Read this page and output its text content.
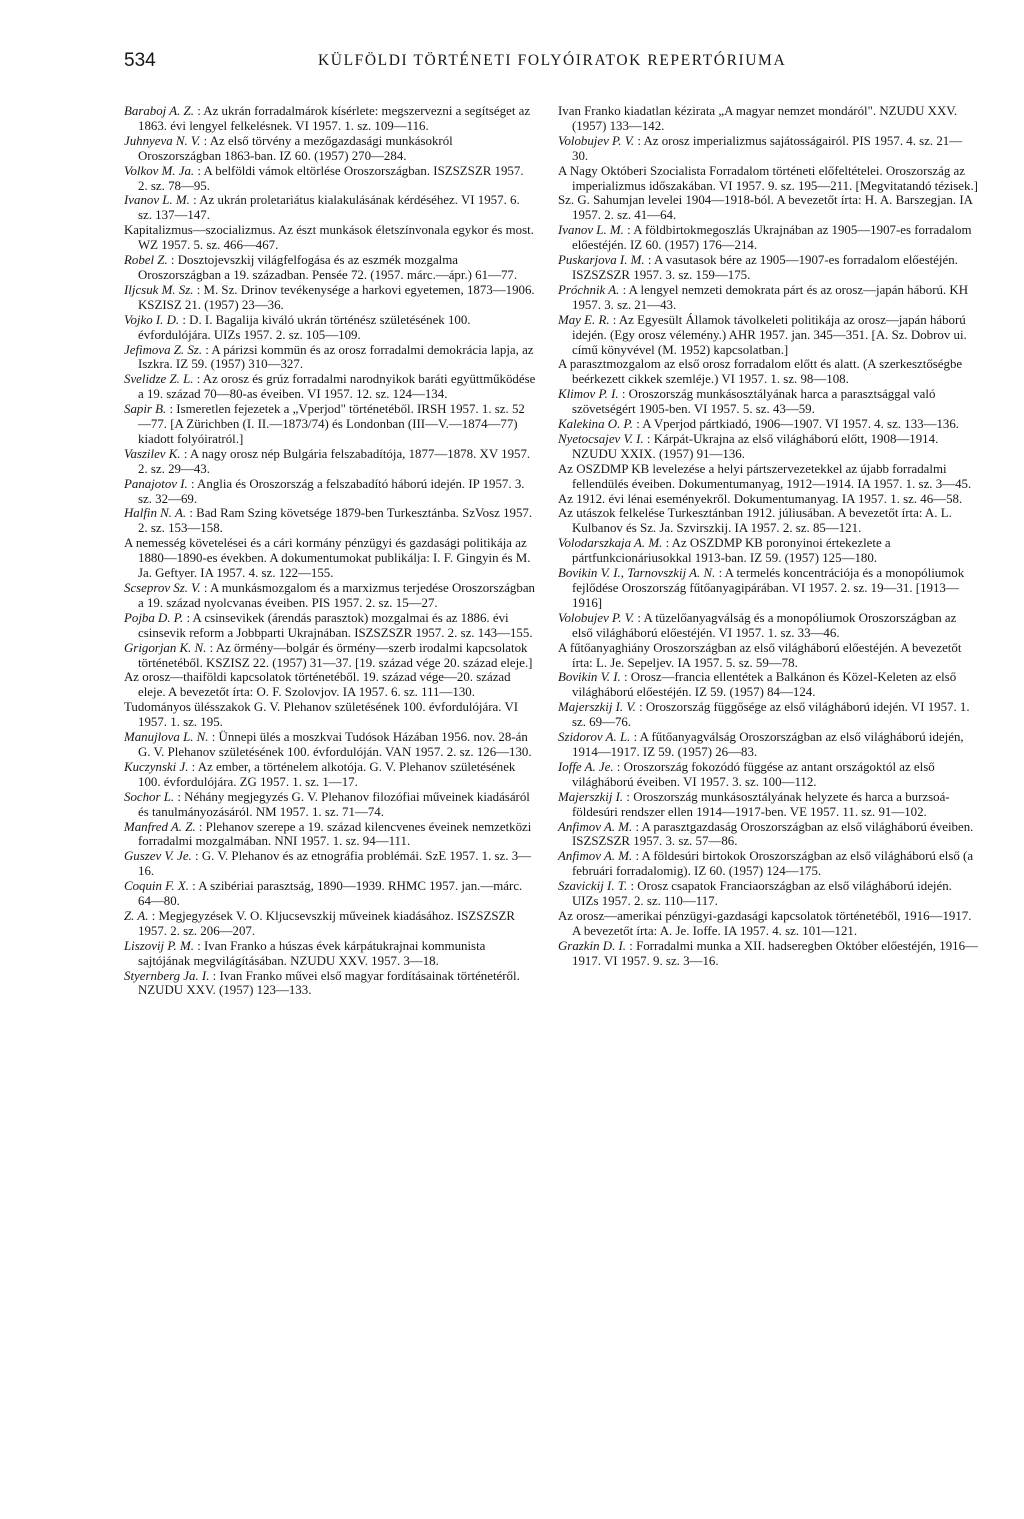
534	KÜLFÖLDI TÖRTÉNETI FOLYÓIRATOK REPERTÓRIUMA

Baraboj A. Z. : Az ukrán forradalmárok kísérlete: megszervezni a segítséget az 1863. évi lengyel felkelésnek. VI 1957. 1. sz. 109—116.

Juhnyeva N. V. : Az első törvény a mezőgazdasági munkásokról Oroszországban 1863-ban. IZ 60. (1957) 270—284.

Volkov M. Ja. : A belföldi vámok eltörlése Oroszországban. ISZSZSZR 1957. 2. sz. 78—95.

Ivanov L. M. : Az ukrán proletariátus kialakulásának kérdéséhez. VI 1957. 6. sz. 137—147.

Kapitalizmus—szocializmus. Az észt munkások életszínvonala egykor és most. WZ 1957. 5. sz. 466—467.

Robel Z. : Dosztojevszkij világfelfogása és az eszmék mozgalma Oroszországban a 19. században. Pensée 72. (1957. márc.—ápr.) 61—77.

Iljcsuk M. Sz. : M. Sz. Drinov tevékenysége a harkovi egyetemen, 1873—1906. KSZISZ 21. (1957) 23—36.

Vojko I. D. : D. I. Bagalija kiváló ukrán történész születésének 100. évfordulójára. UIZs 1957. 2. sz. 105—109.

Jefimova Z. Sz. : A párizsi kommün és az orosz forradalmi demokrácia lapja, az Iszkra. IZ 59. (1957) 310—327.

Svelidze Z. L. : Az orosz és grúz forradalmi narodnyikok baráti együttműködése a 19. század 70—80-as éveiben. VI 1957. 12. sz. 124—134.

Sapir B. : Ismeretlen fejezetek a „Vperjod" történetéből. IRSH 1957. 1. sz. 52—77. [A Zürichben (I. II.—1873/74) és Londonban (III—V.—1874—77) kiadott folyóiratról.]

Vaszilev K. : A nagy orosz nép Bulgária felszabadítója, 1877—1878. XV 1957. 2. sz. 29—43.

Panajotov I. : Anglia és Oroszország a felszabadító háború idején. IP 1957. 3. sz. 32—69.

Halfin N. A. : Bad Ram Szing követsége 1879-ben Turkesztánba. SzVosz 1957. 2. sz. 153—158.

A nemesség követelései és a cári kormány pénzügyi és gazdasági politikája az 1880—1890-es években. A dokumentumokat publikálja: I. F. Gingyin és M. Ja. Geftyer. IA 1957. 4. sz. 122—155.

Scseprov Sz. V. : A munkásmozgalom és a marxizmus terjedése Oroszországban a 19. század nyolcvanas éveiben. PIS 1957. 2. sz. 15—27.

Pojba D. P. : A csinsevikek (árendás parasztok) mozgalmai és az 1886. évi csinsevik reform a Jobbparti Ukrajnában. ISZSZSZR 1957. 2. sz. 143—155.

Grigorjan K. N. : Az örmény—bolgár és örmény—szerb irodalmi kapcsolatok történetéből. KSZISZ 22. (1957) 31—37. [19. század vége 20. század eleje.]

Az orosz—thaiföldi kapcsolatok történetéből. 19. század vége—20. század eleje. A bevezetőt írta: O. F. Szolovjov. IA 1957. 6. sz. 111—130.

Tudományos ülésszakok G. V. Plehanov születésének 100. évfordulójára. VI 1957. 1. sz. 195.

Manujlova L. N. : Ünnepi ülés a moszkvai Tudósok Házában 1956. nov. 28-án G. V. Plehanov születésének 100. évfordulóján. VAN 1957. 2. sz. 126—130.

Kuczynski J. : Az ember, a történelem alkotója. G. V. Plehanov születésének 100. évfordulójára. ZG 1957. 1. sz. 1—17.

Sochor L. : Néhány megjegyzés G. V. Plehanov filozófiai műveinek kiadásáról és tanulmányozásáról. NM 1957. 1. sz. 71—74.

Manfred A. Z. : Plehanov szerepe a 19. század kilencvenes éveinek nemzetközi forradalmi mozgalmában. NNI 1957. 1. sz. 94—111.

Guszev V. Je. : G. V. Plehanov és az etnográfia problémái. SzE 1957. 1. sz. 3—16.

Coquin F. X. : A szibériai parasztság, 1890—1939. RHMC 1957. jan.—márc. 64—80.

Z. A. : Megjegyzések V. O. Kljucsevszkij műveinek kiadásához. ISZSZSZR 1957. 2. sz. 206—207.

Liszovij P. M. : Ivan Franko a húszas évek kárpátukrajnai kommunista sajtójának megvilágításában. NZUDU XXV. 1957. 3—18.

Styernberg Ja. I. : Ivan Franko művei első magyar fordításainak történetéről. NZUDU XXV. (1957) 123—133.

Ivan Franko kiadatlan kézirata „A magyar nemzet mondáról". NZUDU XXV. (1957) 133—142.

Volobujev P. V. : Az orosz imperializmus sajátosságairól. PIS 1957. 4. sz. 21—30.

A Nagy Októberi Szocialista Forradalom történeti előfeltételei. Oroszország az imperializmus időszakában. VI 1957. 9. sz. 195—211. [Megvitatandó tézisek.]

Sz. G. Sahumjan levelei 1904—1918-ból. A bevezetőt írta: H. A. Barszegjan. IA 1957. 2. sz. 41—64.

Ivanov L. M. : A földbirtokmegoszlás Ukrajnában az 1905—1907-es forradalom előestéjén. IZ 60. (1957) 176—214.

Puskarjova I. M. : A vasutasok bére az 1905—1907-es forradalom előestéjén. ISZSZSZR 1957. 3. sz. 159—175.

Próchnik A. : A lengyel nemzeti demokrata párt és az orosz—japán háború. KH 1957. 3. sz. 21—43.

May E. R. : Az Egyesült Államok távolkeleti politikája az orosz—japán háború idején. (Egy orosz vélemény.) AHR 1957. jan. 345—351. [A. Sz. Dobrov ui. című könyvével (M. 1952) kapcsolatban.]

A parasztmozgalom az első orosz forradalom előtt és alatt. (A szerkesztőségbe beérkezett cikkek szemléje.) VI 1957. 1. sz. 98—108.

Klimov P. I. : Oroszország munkásosztályának harca a parasztsággal való szövetségért 1905-ben. VI 1957. 5. sz. 43—59.

Kalekina O. P. : A Vperjod pártkiadó, 1906—1907. VI 1957. 4. sz. 133—136.

Nyetocsajev V. I. : Kárpát-Ukrajna az első világháború előtt, 1908—1914. NZUDU XXIX. (1957) 91—136.

Az OSZDMP KB levelezése a helyi pártszervezetekkel az újabb forradalmi fellendülés éveiben. Dokumentumanyag, 1912—1914. IA 1957. 1. sz. 3—45.

Az 1912. évi lénai eseményekről. Dokumentumanyag. IA 1957. 1. sz. 46—58.

Az utászok felkelése Turkesztánban 1912. júliusában. A bevezetőt írta: A. L. Kulbanov és Sz. Ja. Szvirszkij. IA 1957. 2. sz. 85—121.

Volodarszkaja A. M. : Az OSZDMP KB poronyinoi értekezlete a pártfunkcionáriusokkal 1913-ban. IZ 59. (1957) 125—180.

Bovikin V. I., Tarnovszkij A. N. : A termelés koncentrációja és a monopóliumok fejlődése Oroszország fűtőanyagipárában. VI 1957. 2. sz. 19—31. [1913—1916]

Volobujev P. V. : A tüzelőanyagválság és a monopóliumok Oroszországban az első világháború előestéjén. VI 1957. 1. sz. 33—46.

A fűtőanyaghiány Oroszországban az első világháború előestéjén. A bevezetőt írta: L. Je. Sepeljev. IA 1957. 5. sz. 59—78.

Bovikin V. I. : Orosz—francia ellentétek a Balkánon és Közel-Keleten az első világháború előestéjén. IZ 59. (1957) 84—124.

Majerszkij I. V. : Oroszország függősége az első világháború idején. VI 1957. 1. sz. 69—76.

Szidorov A. L. : A fűtőanyagválság Oroszországban az első világháború idején, 1914—1917. IZ 59. (1957) 26—83.

Ioffe A. Je. : Oroszország fokozódó függése az antant országoktól az első világháború éveiben. VI 1957. 3. sz. 100—112.

Majerszkij I. : Oroszország munkásosztályának helyzete és harca a burzsoá-földesúri rendszer ellen 1914—1917-ben. VE 1957. 11. sz. 91—102.

Anfimov A. M. : A parasztgazdaság Oroszországban az első világháború éveiben. ISZSZSZR 1957. 3. sz. 57—86.

Anfimov A. M. : A földesúri birtokok Oroszországban az első világháború első (a februári forradalomig). IZ 60. (1957) 124—175.

Szavickij I. T. : Orosz csapatok Franciaországban az első világháború idején. UIZs 1957. 2. sz. 110—117.

Az orosz—amerikai pénzügyi-gazdasági kapcsolatok történetéből, 1916—1917. A bevezetőt írta: A. Je. Ioffe. IA 1957. 4. sz. 101—121.

Grazkin D. I. : Forradalmi munka a XII. hadseregben Október előestéjén, 1916—1917. VI 1957. 9. sz. 3—16.
